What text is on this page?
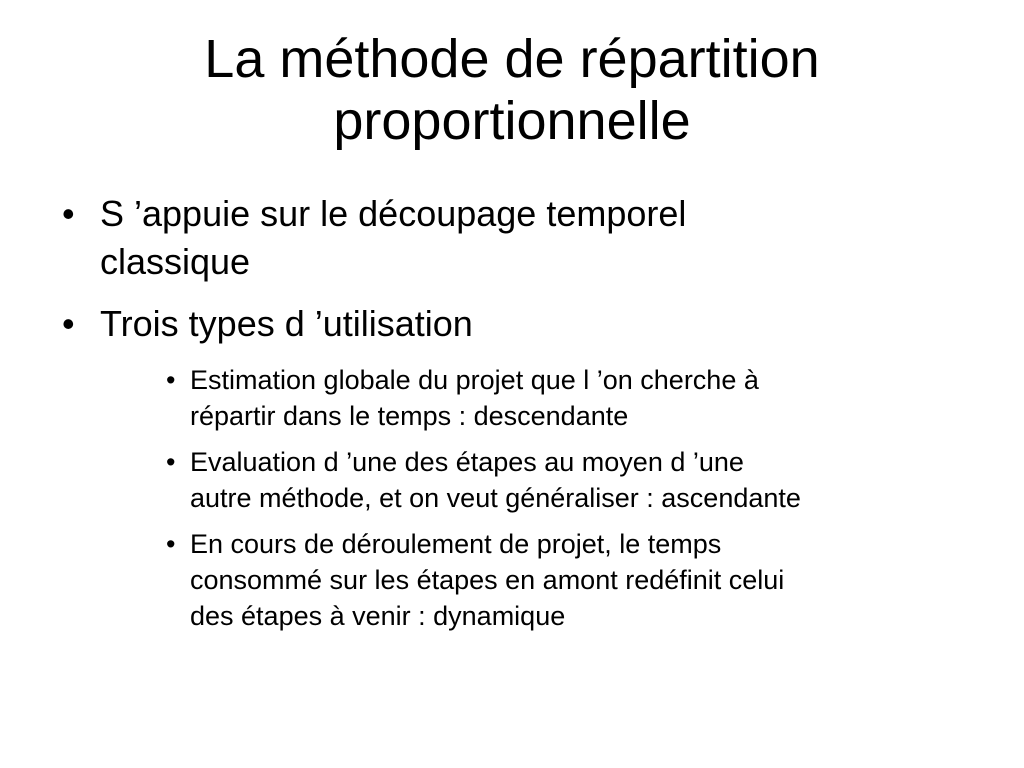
La méthode de répartition
proportionnelle
• S ’appuie sur le découpage temporel
classique
• Trois types d ’utilisation
• Estimation globale du projet que l ’on cherche à
répartir dans le temps : descendante
• Evaluation d ’une des étapes au moyen d ’une
autre méthode, et on veut généraliser : ascendante
• En cours de déroulement de projet, le temps
consommé sur les étapes en amont redéfinit celui
des étapes à venir : dynamique
